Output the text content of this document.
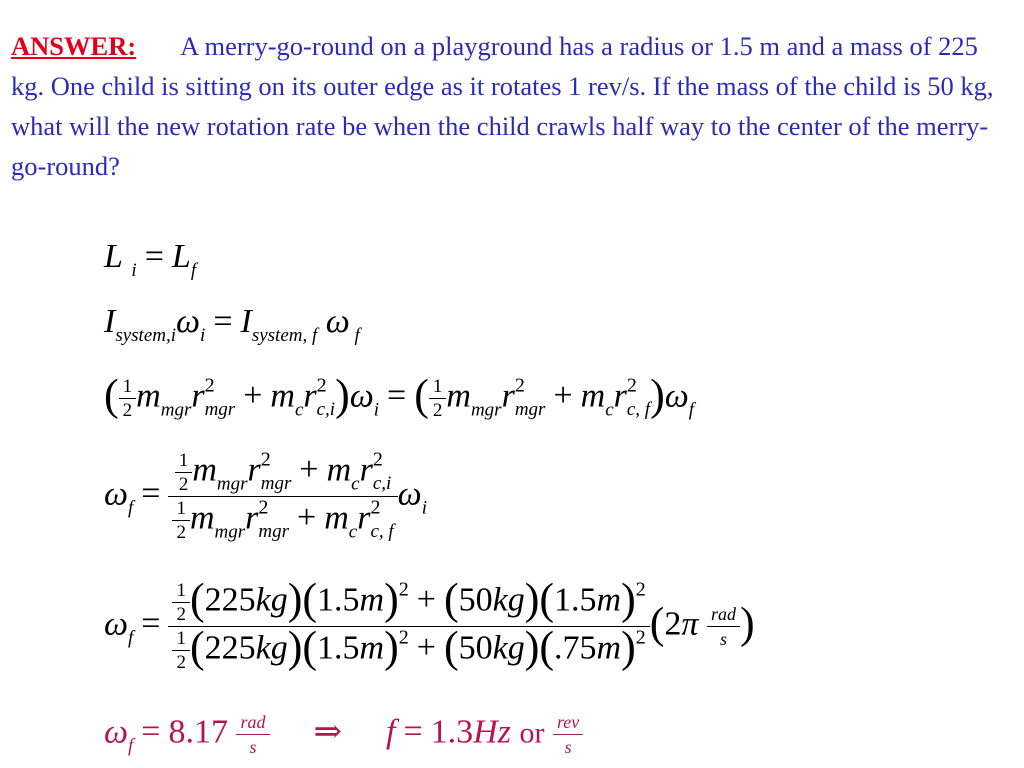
ANSWER: A merry-go-round on a playground has a radius or 1.5 m and a mass of 225 kg. One child is sitting on its outer edge as it rotates 1 rev/s. If the mass of the child is 50 kg, what will the new rotation rate be when the child crawls half way to the center of the merry-go-round?
L $_i = L_f$
$I_{system,i}\omega_i = I_{system, f}$ ω $_f$
( $\frac{1}{2} m_{mgr}r^2_{mgr} + m_cr^2_{c,i})\omega_i$ = ( $\frac{1}{2} m_{mgr}r^2_{mgr} + m_cr^2_{c, f})\omega_f$
$\omega_f = \frac{\frac{1}{2} m_{mgr}r^2_{mgr} + m_cr^2_{c,i}}{\frac{1}{2} m_{mgr}r^2_{mgr} + m_cr^2_{c, f}} \omega_i$
$\omega_f = \frac{\frac{1}{2} (225kg)(1.5m)^2 + (50kg)(1.5m)^2}{\frac{1}{2} (225kg)(1.5m)^2 + (50kg)(.75m)^2} (2\pi \frac{\text{rad}}{s}$ )
$\omega_f = 8.17 \frac{\text{rad}}{s}$ ⇒ f = 1.3Hz or $\frac{\text{rev}}{s}$
